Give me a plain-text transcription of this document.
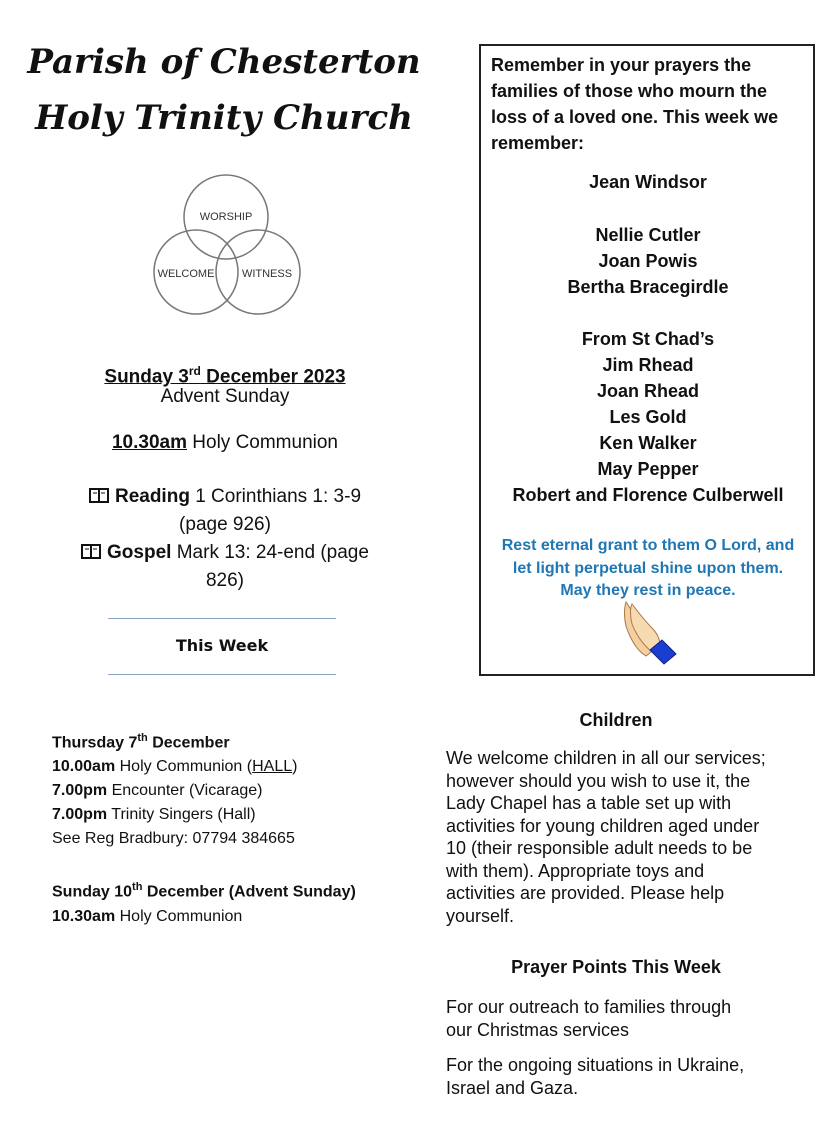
Parish of Chesterton
Holy Trinity Church
WORSHIP
WELCOME	WITNESS
Sunday 3rd December 2023
Advent Sunday
10.30am Holy Communion
Reading 1 Corinthians 1: 3-9
(page 926)
Gospel Mark 13: 24-end (page
826)
This Week
Thursday 7th December
10.00am Holy Communion (HALL)
7.00pm Encounter (Vicarage)
7.00pm Trinity Singers (Hall)
See Reg Bradbury: 07794 384665
Sunday 10th December (Advent Sunday)
10.30am Holy Communion
Remember in your prayers the families of those who mourn the loss of a loved one. This week we remember:
Jean Windsor
Nellie Cutler
Joan Powis
Bertha Bracegirdle
From St Chad’s
Jim Rhead
Joan Rhead
Les Gold
Ken Walker
May Pepper
Robert and Florence Culberwell
Rest eternal grant to them O Lord, and
let light perpetual shine upon them.
May they rest in peace.
Children
We welcome children in all our services;
however should you wish to use it, the
Lady Chapel has a table set up with
activities for young children aged under
10 (their responsible adult needs to be
with them). Appropriate toys and
activities are provided. Please help
yourself.
Prayer Points This Week
For our outreach to families through
our Christmas services
For the ongoing situations in Ukraine,
Israel and Gaza.
